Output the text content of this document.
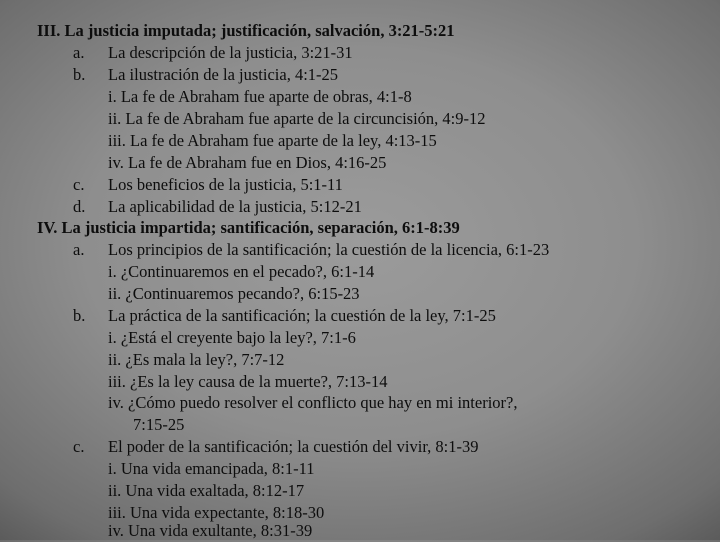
III. La justicia imputada; justificación, salvación, 3:21-5:21
a. La descripción de la justicia, 3:21-31
b. La ilustración de la justicia, 4:1-25
i. La fe de Abraham fue aparte de obras, 4:1-8
ii. La fe de Abraham fue aparte de la circuncisión, 4:9-12
iii. La fe de Abraham fue aparte de la ley, 4:13-15
iv. La fe de Abraham fue en Dios, 4:16-25
c. Los beneficios de la justicia, 5:1-11
d. La aplicabilidad de la justicia, 5:12-21
IV. La justicia impartida; santificación, separación, 6:1-8:39
a. Los principios de la santificación; la cuestión de la licencia, 6:1-23
i. ¿Continuaremos en el pecado?, 6:1-14
ii. ¿Continuaremos pecando?, 6:15-23
b. La práctica de la santificación; la cuestión de la ley, 7:1-25
i. ¿Está el creyente bajo la ley?, 7:1-6
ii. ¿Es mala la ley?, 7:7-12
iii. ¿Es la ley causa de la muerte?, 7:13-14
iv. ¿Cómo puedo resolver el conflicto que hay en mi interior?,
7:15-25
c. El poder de la santificación; la cuestión del vivir, 8:1-39
i. Una vida emancipada, 8:1-11
ii. Una vida exaltada, 8:12-17
iii. Una vida expectante, 8:18-30
iv. Una vida exultante, 8:31-39
